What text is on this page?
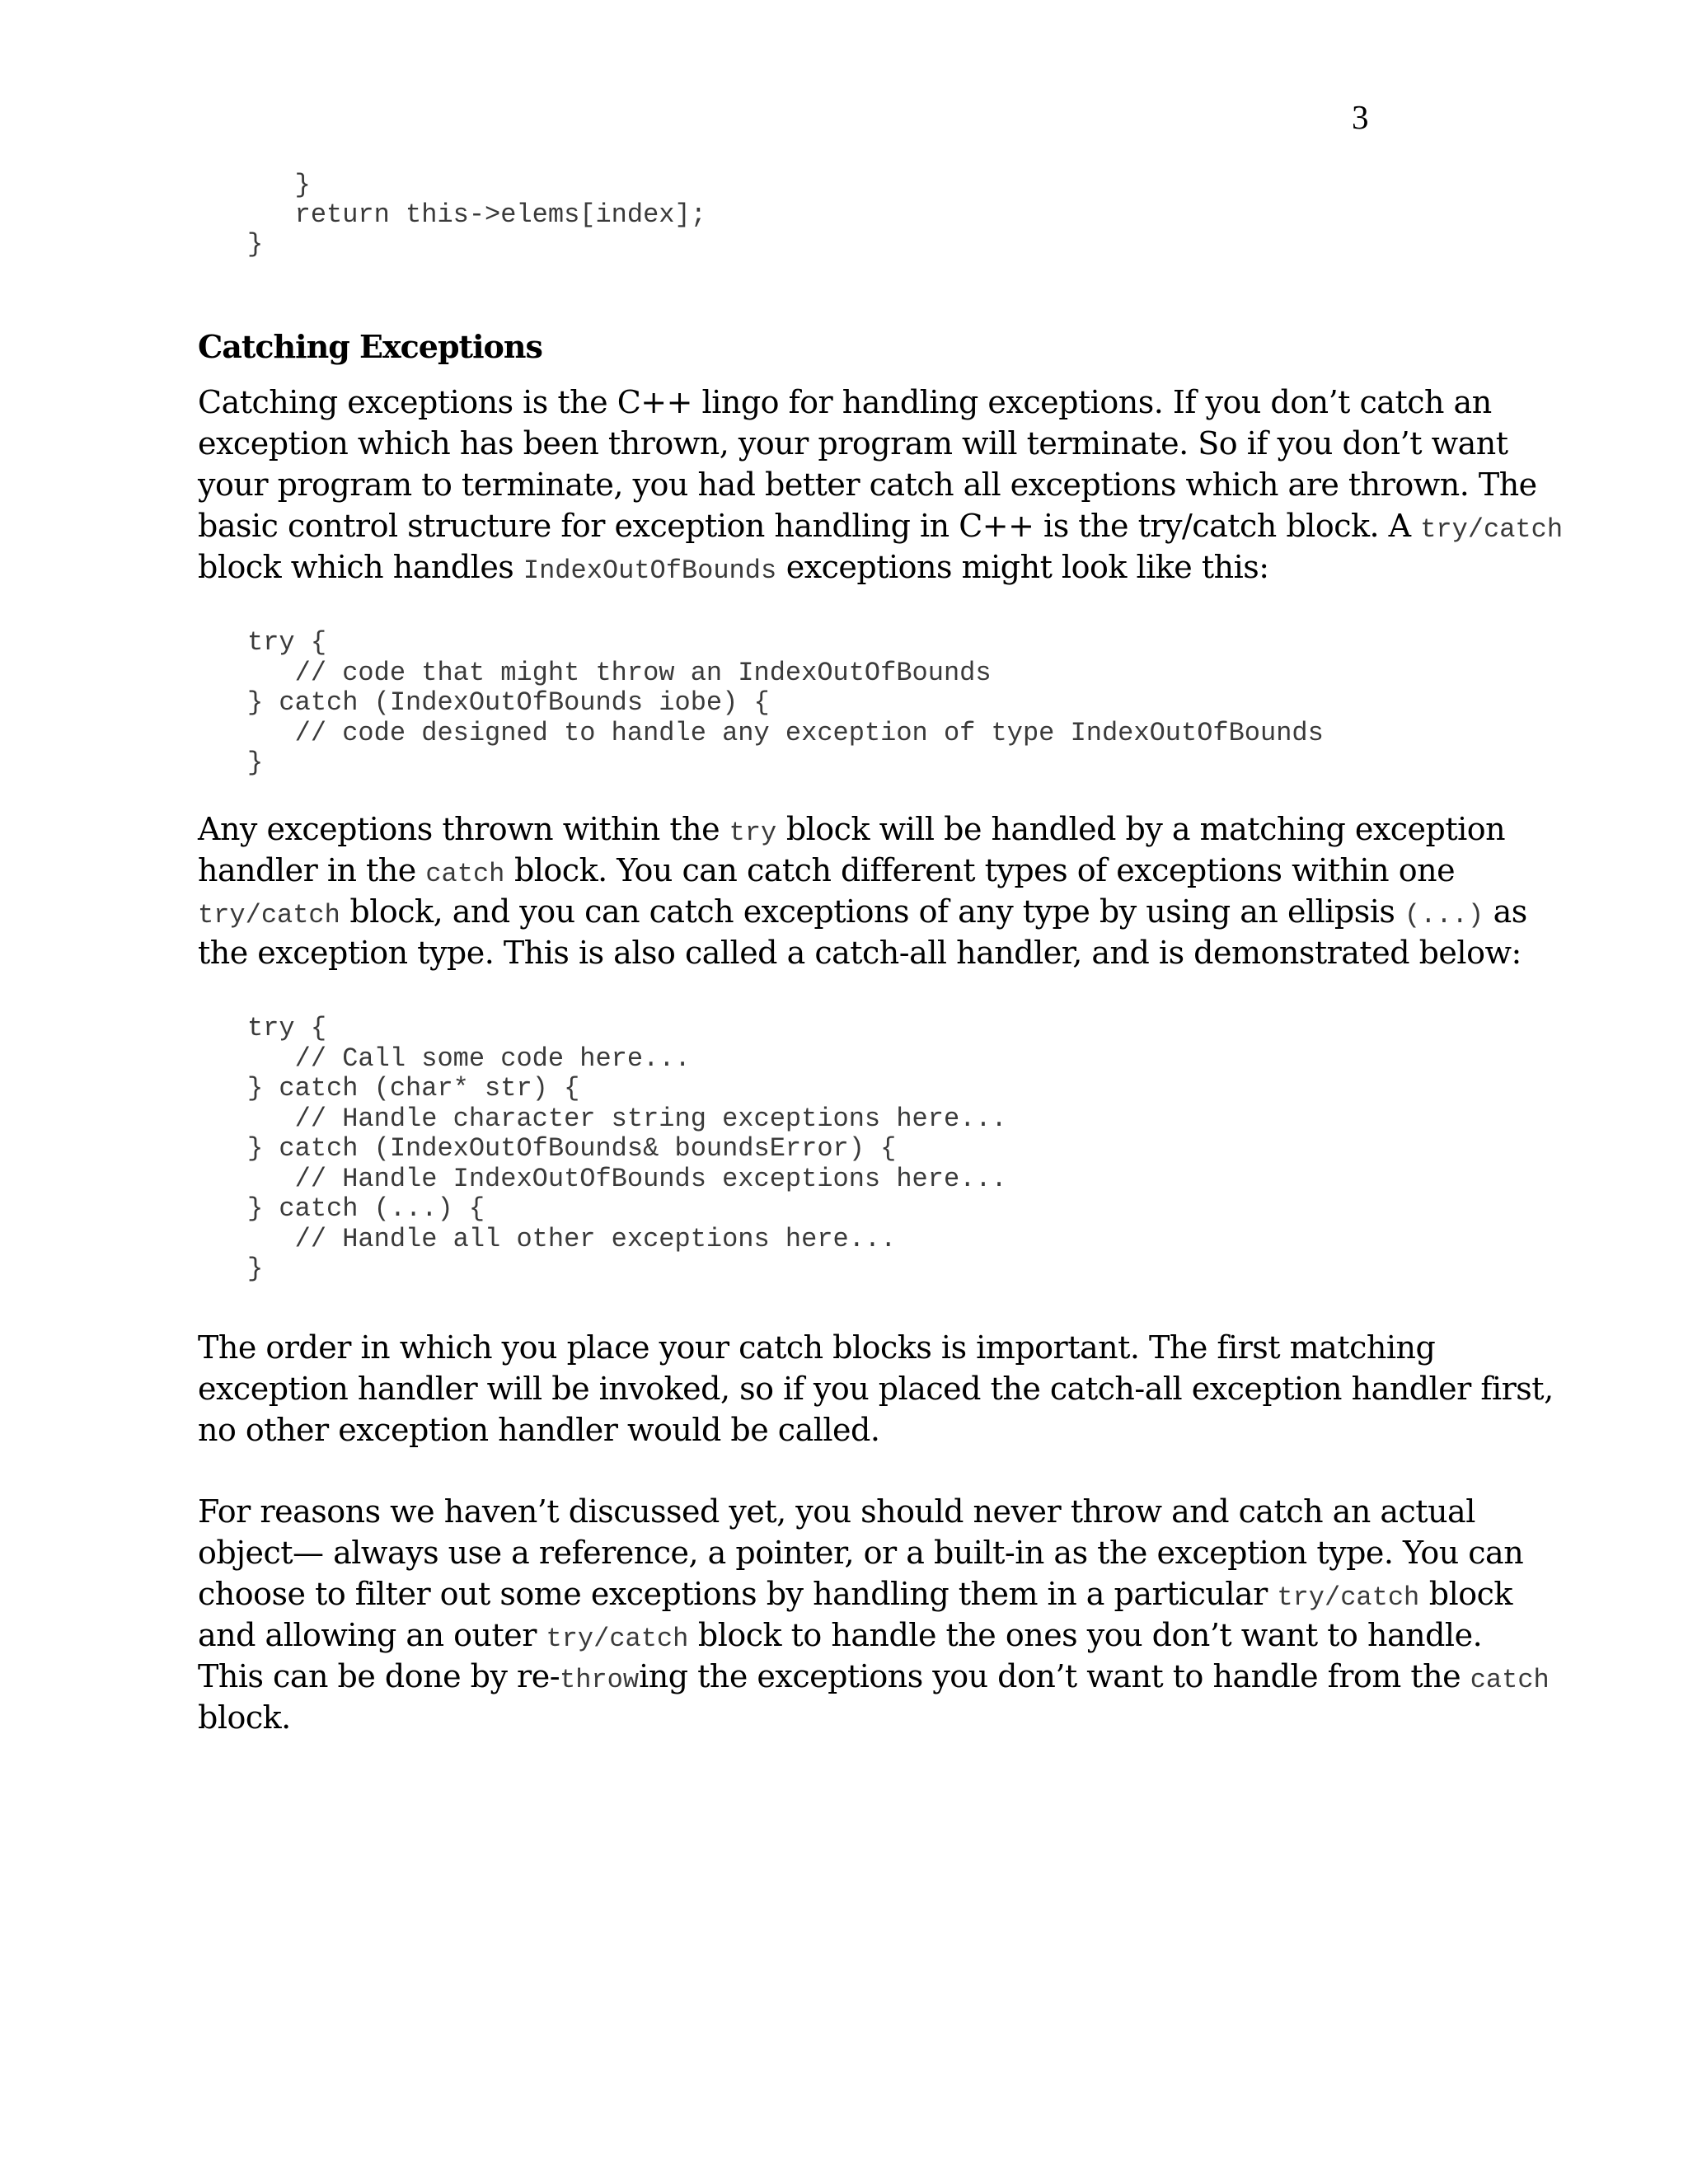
3
}
return this->elems[index];
}
Catching Exceptions
Catching exceptions is the C++ lingo for handling exceptions. If you don’t catch an
exception which has been thrown, your program will terminate. So if you don’t want
your program to terminate, you had better catch all exceptions which are thrown. The
basic control structure for exception handling in C++ is the try/catch block. A try/catch
block which handles IndexOutOfBounds exceptions might look like this:
try {
// code that might throw an IndexOutOfBounds
} catch (IndexOutOfBounds iobe) {
// code designed to handle any exception of type IndexOutOfBounds
}
Any exceptions thrown within the try block will be handled by a matching exception
handler in the catch block. You can catch different types of exceptions within one
try/catch block, and you can catch exceptions of any type by using an ellipsis (...) as
the exception type. This is also called a catch-all handler, and is demonstrated below:
try {
// Call some code here...
} catch (char* str) {
// Handle character string exceptions here...
} catch (IndexOutOfBounds& boundsError) {
// Handle IndexOutOfBounds exceptions here...
} catch (...) {
// Handle all other exceptions here...
}
The order in which you place your catch blocks is important. The first matching
exception handler will be invoked, so if you placed the catch-all exception handler first,
no other exception handler would be called.
For reasons we haven’t discussed yet, you should never throw and catch an actual
object— always use a reference, a pointer, or a built-in as the exception type. You can
choose to filter out some exceptions by handling them in a particular try/catch block
and allowing an outer try/catch block to handle the ones you don’t want to handle.
This can be done by re-throwing the exceptions you don’t want to handle from the catch
block.
